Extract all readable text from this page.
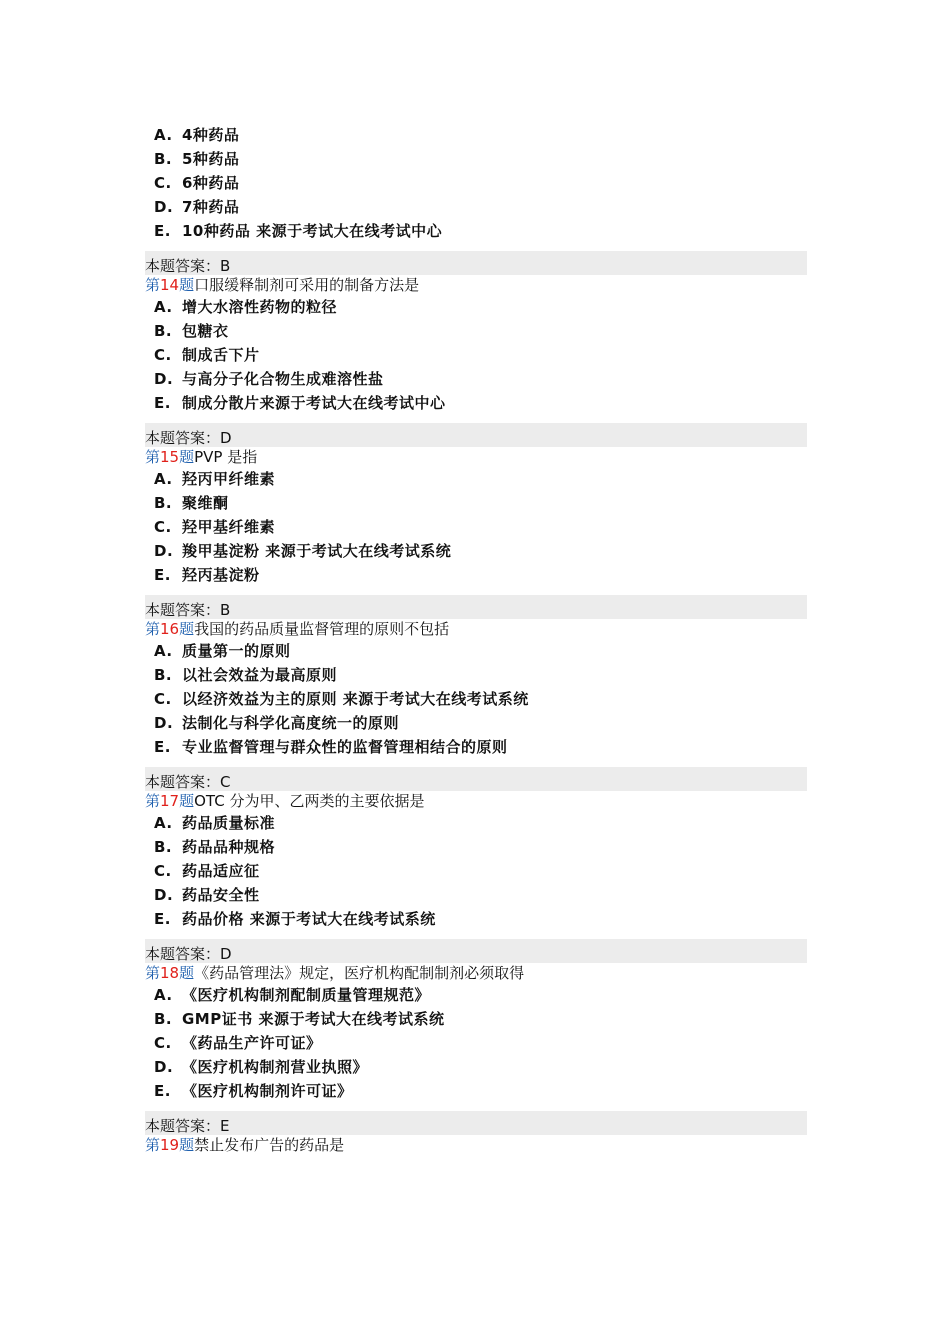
A. 4种药品
B. 5种药品
C. 6种药品
D. 7种药品
E. 10种药品 来源于考试大在线考试中心
本题答案：B
第14题口服缓释制剂可采用的制备方法是
A. 增大水溶性药物的粒径
B. 包糖衣
C. 制成舌下片
D. 与高分子化合物生成难溶性盐
E. 制成分散片来源于考试大在线考试中心
本题答案：D
第15题PVP 是指
A. 羟丙甲纤维素
B. 聚维酮
C. 羟甲基纤维素
D. 羧甲基淀粉 来源于考试大在线考试系统
E. 羟丙基淀粉
本题答案：B
第16题我国的药品质量监督管理的原则不包括
A. 质量第一的原则
B. 以社会效益为最高原则
C. 以经济效益为主的原则 来源于考试大在线考试系统
D. 法制化与科学化高度统一的原则
E. 专业监督管理与群众性的监督管理相结合的原则
本题答案：C
第17题OTC 分为甲、乙两类的主要依据是
A. 药品质量标准
B. 药品品种规格
C. 药品适应征
D. 药品安全性
E. 药品价格 来源于考试大在线考试系统
本题答案：D
第18题《药品管理法》规定，医疗机构配制制剂必须取得
A. 《医疗机构制剂配制质量管理规范》
B. GMP证书 来源于考试大在线考试系统
C. 《药品生产许可证》
D. 《医疗机构制剂营业执照》
E. 《医疗机构制剂许可证》
本题答案：E
第19题禁止发布广告的药品是
